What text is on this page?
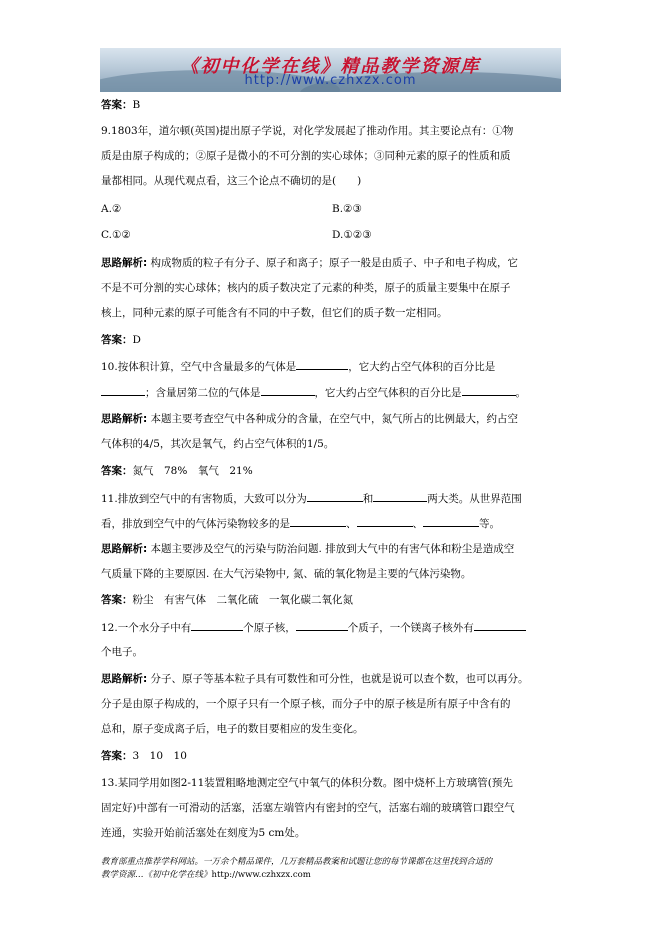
《初中化学在线》精品教学资源库
http://www.czhxzx.com
答案：B
9.1803年，道尔顿(英国)提出原子学说，对化学发展起了推动作用。其主要论点有：①物
质是由原子构成的；②原子是微小的不可分割的实心球体；③同种元素的原子的性质和质
量都相同。从现代观点看，这三个论点不确切的是(　　)
A.②	B.②③
C.①②	D.①②③
思路解析: 构成物质的粒子有分子、原子和离子；原子一般是由质子、中子和电子构成，它
不是不可分割的实心球体；核内的质子数决定了元素的种类，原子的质量主要集中在原子
核上，同种元素的原子可能含有不同的中子数，但它们的质子数一定相同。
答案：D
10.按体积计算，空气中含量最多的气体是	，它大约占空气体积的百分比是
；含量居第二位的气体是	，它大约占空气体积的百分比是	。
思路解析: 本题主要考查空气中各种成分的含量，在空气中，氮气所占的比例最大，约占空
气体积的4/5，其次是氧气，约占空气体积的1/5。
答案：氮气　78%　氧气　21%
11.排放到空气中的有害物质，大致可以分为	和	两大类。从世界范围
看，排放到空气中的气体污染物较多的是	、	、	等。
思路解析: 本题主要涉及空气的污染与防治问题. 排放到大气中的有害气体和粉尘是造成空
气质量下降的主要原因. 在大气污染物中, 氮、硫的氧化物是主要的气体污染物。
答案：粉尘　有害气体　二氧化硫　一氧化碳二氧化氮
12.一个水分子中有	个原子核，	个质子，一个镁离子核外有
个电子。
思路解析: 分子、原子等基本粒子具有可数性和可分性，也就是说可以查个数，也可以再分。
分子是由原子构成的，一个原子只有一个原子核，而分子中的原子核是所有原子中含有的
总和，原子变成离子后，电子的数目要相应的发生变化。
答案：3　10　10
13.某同学用如图2-11装置粗略地测定空气中氧气的体积分数。图中烧杯上方玻璃管(预先
固定好)中部有一可滑动的活塞，活塞左端管内有密封的空气，活塞右端的玻璃管口跟空气
连通，实验开始前活塞处在刻度为5 cm处。
教育部重点推荐学科网站。一万余个精品课件，几万套精品教案和试题让您的每节课都在这里找到合适的
教学资源…《初中化学在线》http://www.czhxzx.com
